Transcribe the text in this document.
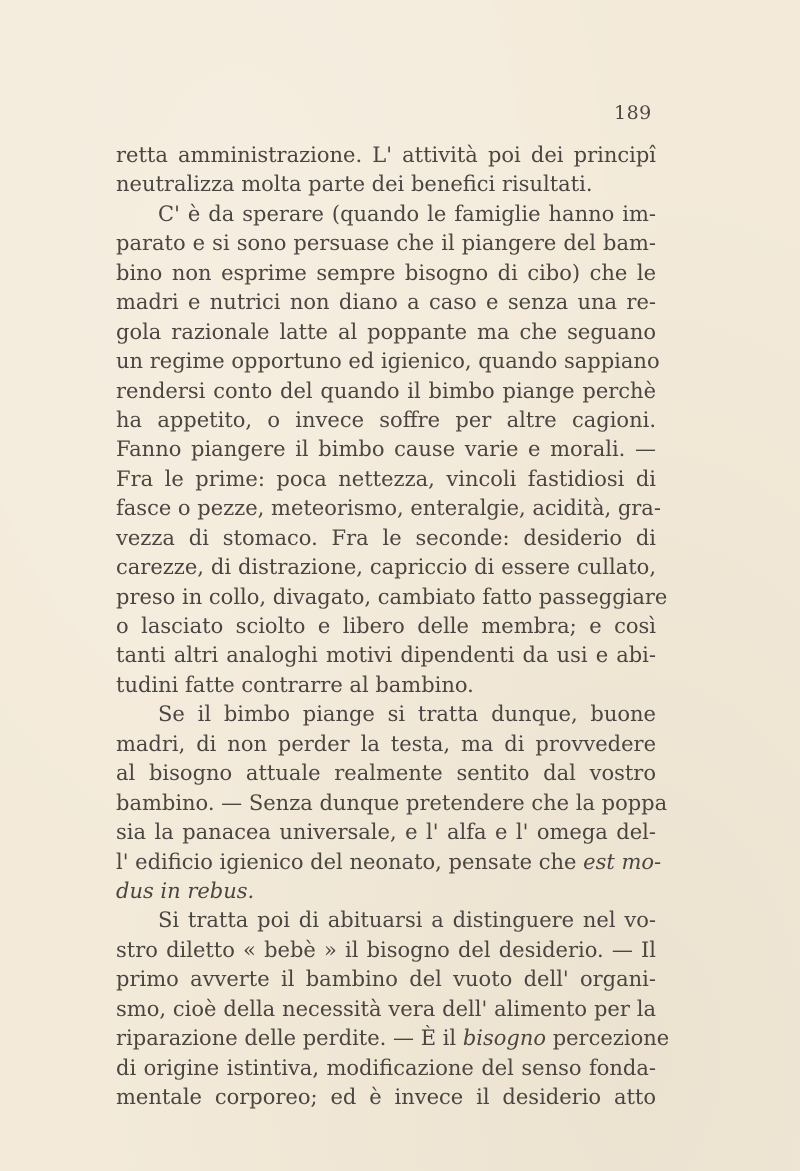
189
retta amministrazione. L' attività poi dei principî
neutralizza molta parte dei benefici risultati.
C' è da sperare (quando le famiglie hanno im-
parato e si sono persuase che il piangere del bam-
bino non esprime sempre bisogno di cibo) che le
madri e nutrici non diano a caso e senza una re-
gola razionale latte al poppante ma che seguano
un regime opportuno ed igienico, quando sappiano
rendersi conto del quando il bimbo piange perchè
ha appetito, o invece soffre per altre cagioni.
Fanno piangere il bimbo cause varie e morali. —
Fra le prime: poca nettezza, vincoli fastidiosi di
fasce o pezze, meteorismo, enteralgie, acidità, gra-
vezza di stomaco. Fra le seconde: desiderio di
carezze, di distrazione, capriccio di essere cullato,
preso in collo, divagato, cambiato fatto passeggiare
o lasciato sciolto e libero delle membra; e così
tanti altri analoghi motivi dipendenti da usi e abi-
tudini fatte contrarre al bambino.
Se il bimbo piange si tratta dunque, buone
madri, di non perder la testa, ma di provvedere
al bisogno attuale realmente sentito dal vostro
bambino. — Senza dunque pretendere che la poppa
sia la panacea universale, e l' alfa e l' omega del-
l' edificio igienico del neonato, pensate che est mo-
dus in rebus.
Si tratta poi di abituarsi a distinguere nel vo-
stro diletto « bebè » il bisogno del desiderio. — Il
primo avverte il bambino del vuoto dell' organi-
smo, cioè della necessità vera dell' alimento per la
riparazione delle perdite. — È il bisogno percezione
di origine istintiva, modificazione del senso fonda-
mentale corporeo; ed è invece il desiderio atto
